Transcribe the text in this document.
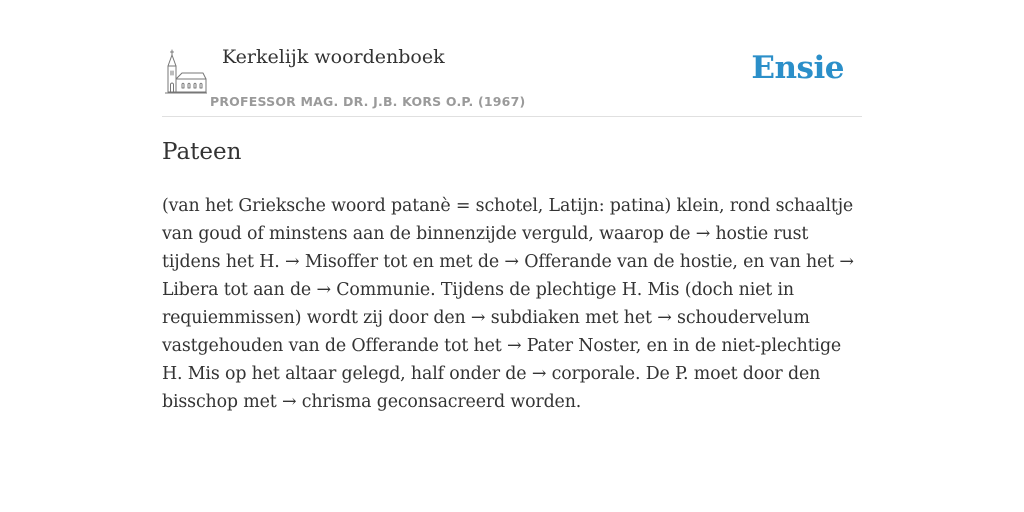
Kerkelijk woordenboek
PROFESSOR MAG. DR. J.B. KORS O.P. (1967)
Ensie
Pateen

(van het Grieksche woord patanè = schotel, Latijn: patina) klein, rond schaaltje van goud of minstens aan de binnenzijde verguld, waarop de → hostie rust tijdens het H. → Misoffer tot en met de → Offerande van de hostie, en van het → Libera tot aan de → Communie. Tijdens de plechtige H. Mis (doch niet in requiemmissen) wordt zij door den → subdiaken met het → schoudervelum vastgehouden van de Offerande tot het → Pater Noster, en in de niet-plechtige H. Mis op het altaar gelegd, half onder de → corporale. De P. moet door den bisschop met → chrisma geconsacreerd worden.
